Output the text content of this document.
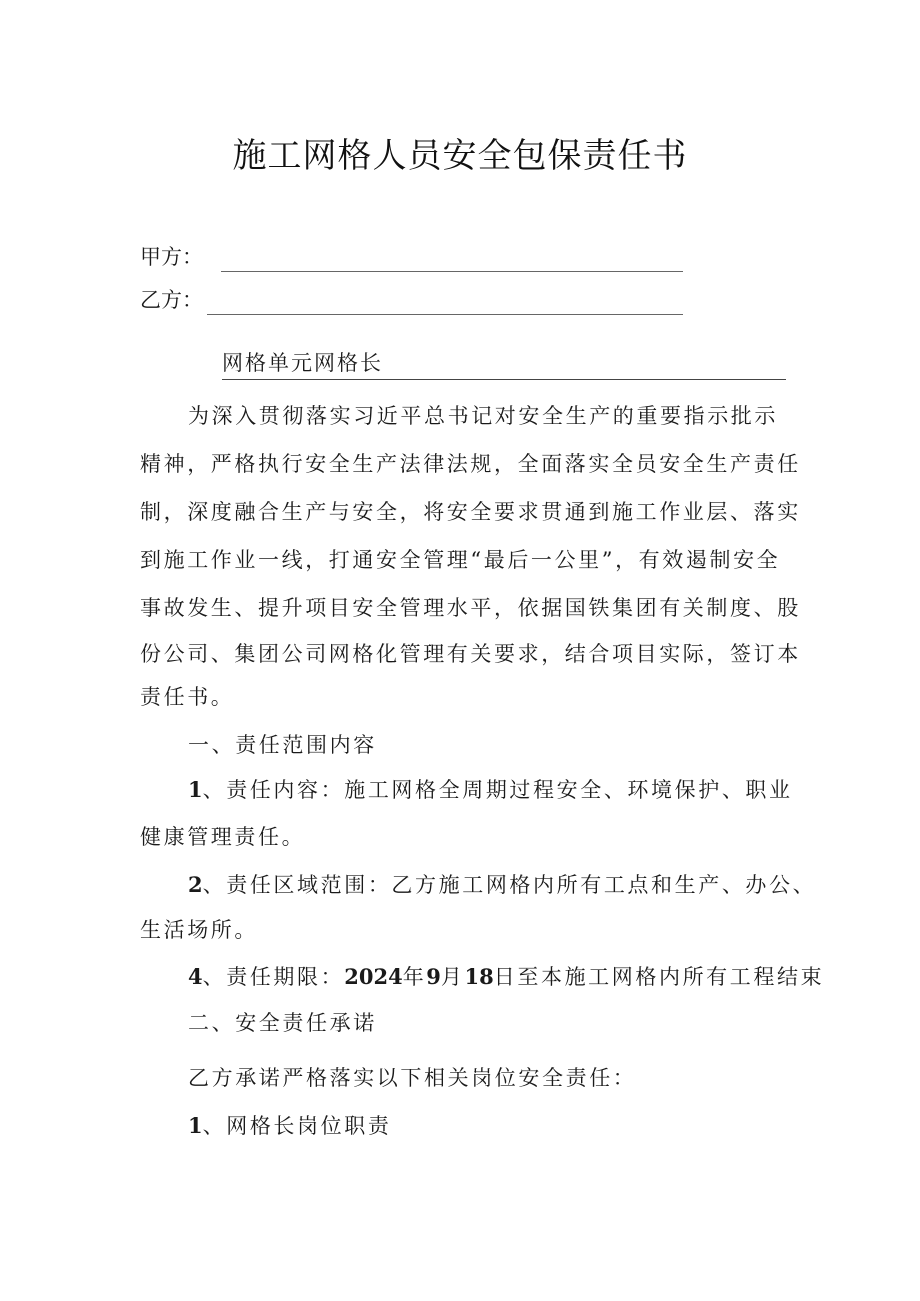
施工网格人员安全包保责任书
甲方：
乙方：
网格单元网格长
为深入贯彻落实习近平总书记对安全生产的重要指示批示
精神，严格执行安全生产法律法规，全面落实全员安全生产责任
制，深度融合生产与安全，将安全要求贯通到施工作业层、落实
到施工作业一线，打通安全管理“最后一公里”，有效遏制安全
事故发生、提升项目安全管理水平，依据国铁集团有关制度、股
份公司、集团公司网格化管理有关要求，结合项目实际，签订本
责任书。
一、责任范围内容
1、责任内容：施工网格全周期过程安全、环境保护、职业
健康管理责任。
2、责任区域范围：乙方施工网格内所有工点和生产、办公、
生活场所。
4、责任期限：2024年9月18日至本施工网格内所有工程结束
二、安全责任承诺
乙方承诺严格落实以下相关岗位安全责任：
1、网格长岗位职责
